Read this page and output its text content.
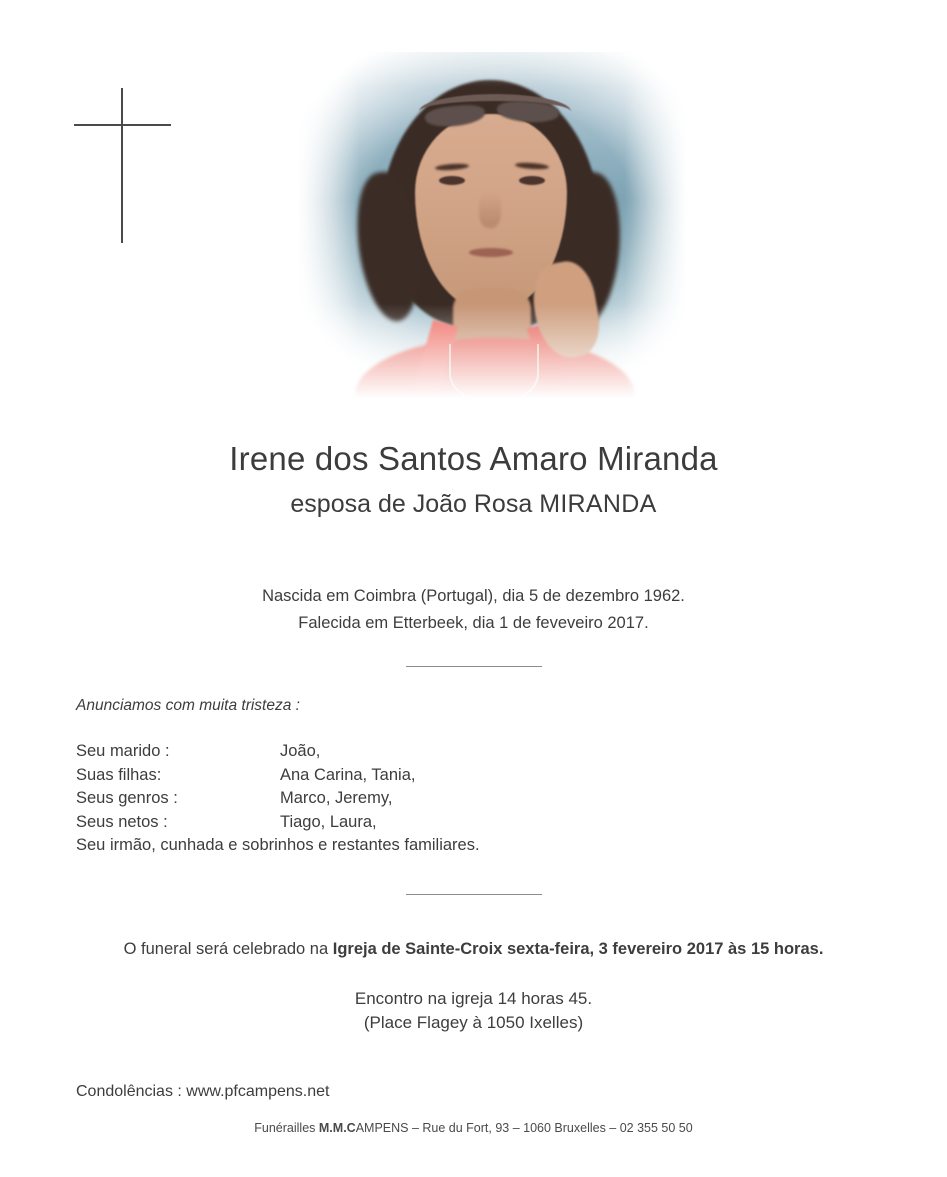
Irene dos Santos Amaro Miranda
esposa de João Rosa MIRANDA
Nascida em Coimbra (Portugal), dia 5 de dezembro 1962.
Falecida em Etterbeek, dia 1 de feveveiro 2017.
Anunciamos com muita tristeza :
Seu marido :	João,
Suas filhas:	Ana Carina, Tania,
Seus genros :	Marco, Jeremy,
Seus netos :	Tiago, Laura,
Seu irmão, cunhada e sobrinhos e restantes familiares.
O funeral será celebrado na Igreja de Sainte-Croix sexta-feira, 3 fevereiro 2017 às 15 horas.
Encontro na igreja 14 horas 45.
(Place Flagey à 1050 Ixelles)
Condolências : www.pfcampens.net
Funérailles M.M.CAMPENS – Rue du Fort, 93 – 1060 Bruxelles – 02 355 50 50
